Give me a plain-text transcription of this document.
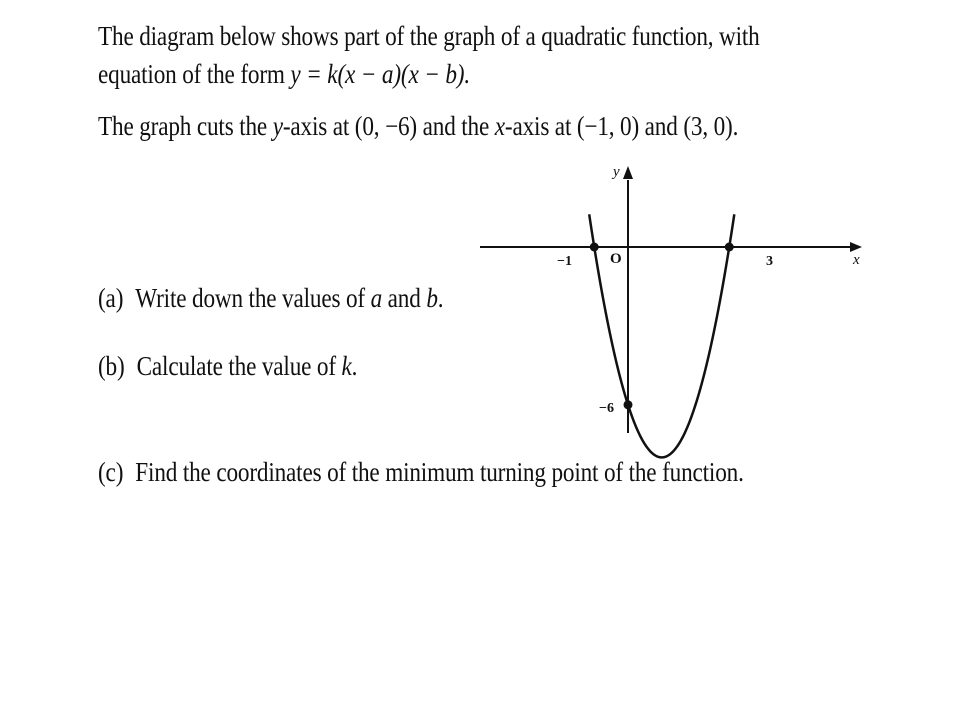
The diagram below shows part of the graph of a quadratic function, with
equation of the form y = k(x − a)(x − b).
The graph cuts the y-axis at (0, −6) and the x-axis at (−1, 0) and (3, 0).
(a) Write down the values of a and b.
(b) Calculate the value of k.
(c) Find the coordinates of the minimum turning point of the function.
x
y
O
−1	3
−6
